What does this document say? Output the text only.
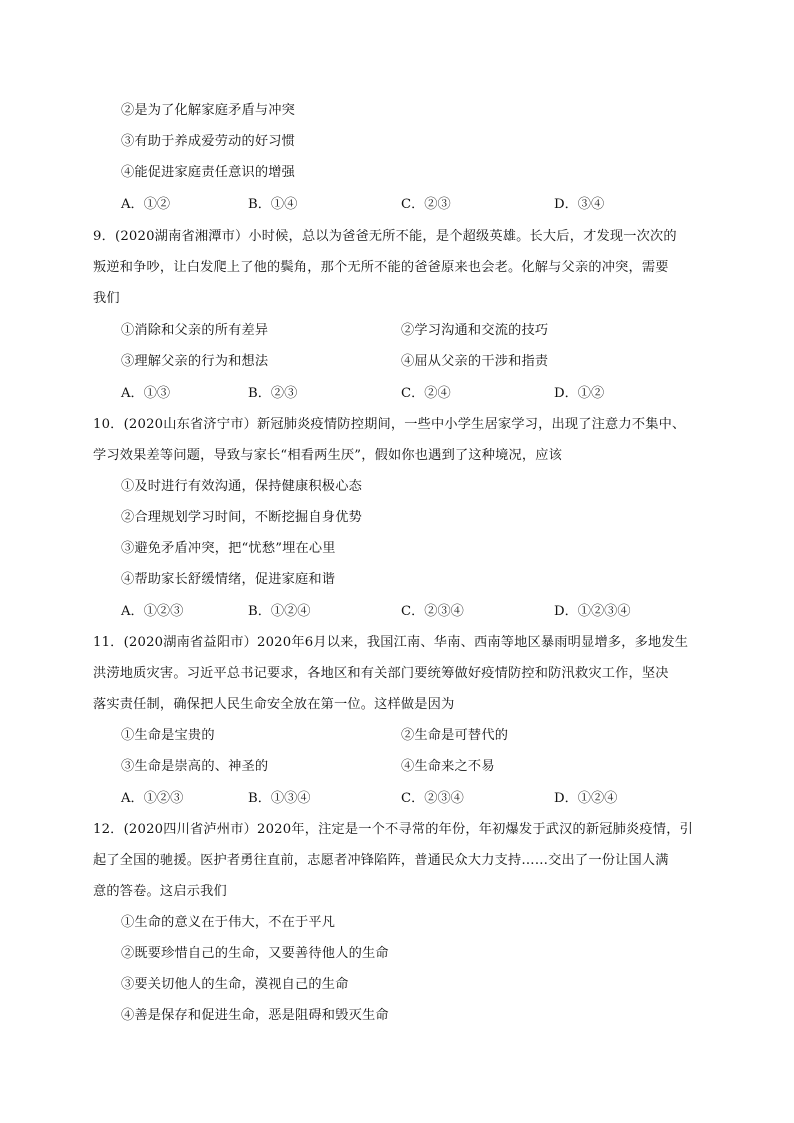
②是为了化解家庭矛盾与冲突
③有助于养成爱劳动的好习惯
④能促进家庭责任意识的增强
A．①②	B．①④	C．②③	D．③④
9．(2020湖南省湘潭市）小时候，总以为爸爸无所不能，是个超级英雄。长大后，才发现一次次的
叛逆和争吵，让白发爬上了他的鬓角，那个无所不能的爸爸原来也会老。化解与父亲的冲突，需要
我们
①消除和父亲的所有差异	②学习沟通和交流的技巧
③理解父亲的行为和想法	④屈从父亲的干涉和指责
A．①③	B．②③	C．②④	D．①②
10．(2020山东省济宁市）新冠肺炎疫情防控期间，一些中小学生居家学习，出现了注意力不集中、
学习效果差等问题，导致与家长“相看两生厌”，假如你也遇到了这种境况，应该
①及时进行有效沟通，保持健康积极心态
②合理规划学习时间，不断挖掘自身优势
③避免矛盾冲突，把“忧愁”埋在心里
④帮助家长舒缓情绪，促进家庭和谐
A．①②③	B．①②④	C．②③④	D．①②③④
11．(2020湖南省益阳市）2020年6月以来，我国江南、华南、西南等地区暴雨明显增多，多地发生
洪涝地质灾害。习近平总书记要求，各地区和有关部门要统筹做好疫情防控和防汛救灾工作，坚决
落实责任制，确保把人民生命安全放在第一位。这样做是因为
①生命是宝贵的	②生命是可替代的
③生命是崇高的、神圣的	④生命来之不易
A．①②③	B．①③④	C．②③④	D．①②④
12．(2020四川省泸州市）2020年，注定是一个不寻常的年份，年初爆发于武汉的新冠肺炎疫情，引
起了全国的驰援。医护者勇往直前，志愿者冲锋陷阵，普通民众大力支持……交出了一份让国人满
意的答卷。这启示我们
①生命的意义在于伟大，不在于平凡
②既要珍惜自己的生命，又要善待他人的生命
③要关切他人的生命，漠视自己的生命
④善是保存和促进生命，恶是阻碍和毁灭生命
